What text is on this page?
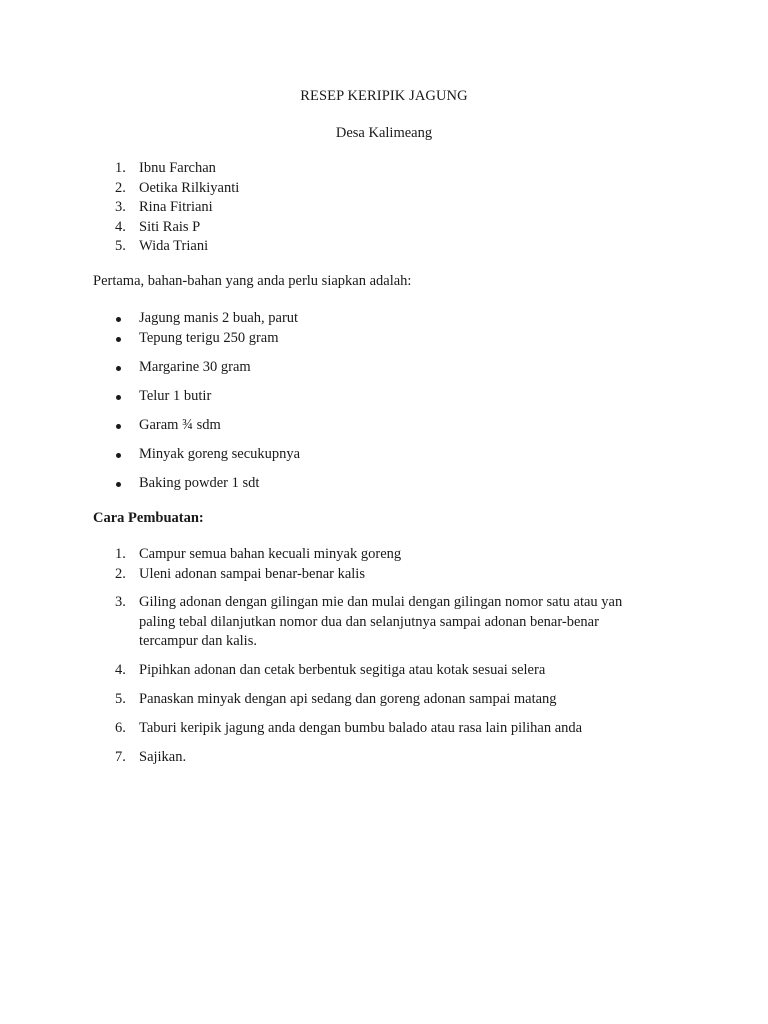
RESEP KERIPIK JAGUNG
Desa Kalimeang
1. Ibnu Farchan
2. Oetika Rilkiyanti
3. Rina Fitriani
4. Siti Rais P
5. Wida Triani
Pertama, bahan-bahan yang anda perlu siapkan adalah:
Jagung manis 2 buah, parut
Tepung terigu 250 gram
Margarine 30 gram
Telur 1 butir
Garam ¾ sdm
Minyak goreng secukupnya
Baking powder 1 sdt
Cara Pembuatan:
1. Campur semua bahan kecuali minyak goreng
2. Uleni adonan sampai benar-benar kalis
3. Giling adonan dengan gilingan mie dan mulai dengan gilingan nomor satu atau yan
paling tebal dilanjutkan nomor dua dan selanjutnya sampai adonan benar-benar
tercampur dan kalis.
4. Pipihkan adonan dan cetak berbentuk segitiga atau kotak sesuai selera
5. Panaskan minyak dengan api sedang dan goreng adonan sampai matang
6. Taburi keripik jagung anda dengan bumbu balado atau rasa lain pilihan anda
7. Sajikan.
